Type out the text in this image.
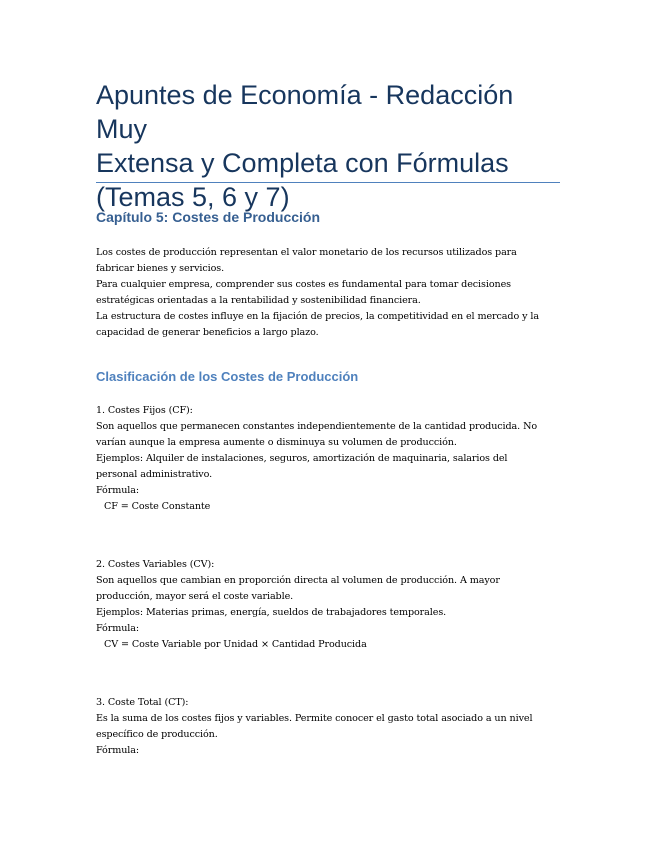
Apuntes de Economía - Redacción Muy
Extensa y Completa con Fórmulas
(Temas 5, 6 y 7)
Capítulo 5: Costes de Producción
Los costes de producción representan el valor monetario de los recursos utilizados para
fabricar bienes y servicios.
Para cualquier empresa, comprender sus costes es fundamental para tomar decisiones
estratégicas orientadas a la rentabilidad y sostenibilidad financiera.
La estructura de costes influye en la fijación de precios, la competitividad en el mercado y la
capacidad de generar beneficios a largo plazo.
Clasificación de los Costes de Producción
1. Costes Fijos (CF):
Son aquellos que permanecen constantes independientemente de la cantidad producida. No
varían aunque la empresa aumente o disminuya su volumen de producción.
Ejemplos: Alquiler de instalaciones, seguros, amortización de maquinaria, salarios del
personal administrativo.
Fórmula:
CF = Coste Constante
2. Costes Variables (CV):
Son aquellos que cambian en proporción directa al volumen de producción. A mayor
producción, mayor será el coste variable.
Ejemplos: Materias primas, energía, sueldos de trabajadores temporales.
Fórmula:
CV = Coste Variable por Unidad × Cantidad Producida
3. Coste Total (CT):
Es la suma de los costes fijos y variables. Permite conocer el gasto total asociado a un nivel
específico de producción.
Fórmula:
